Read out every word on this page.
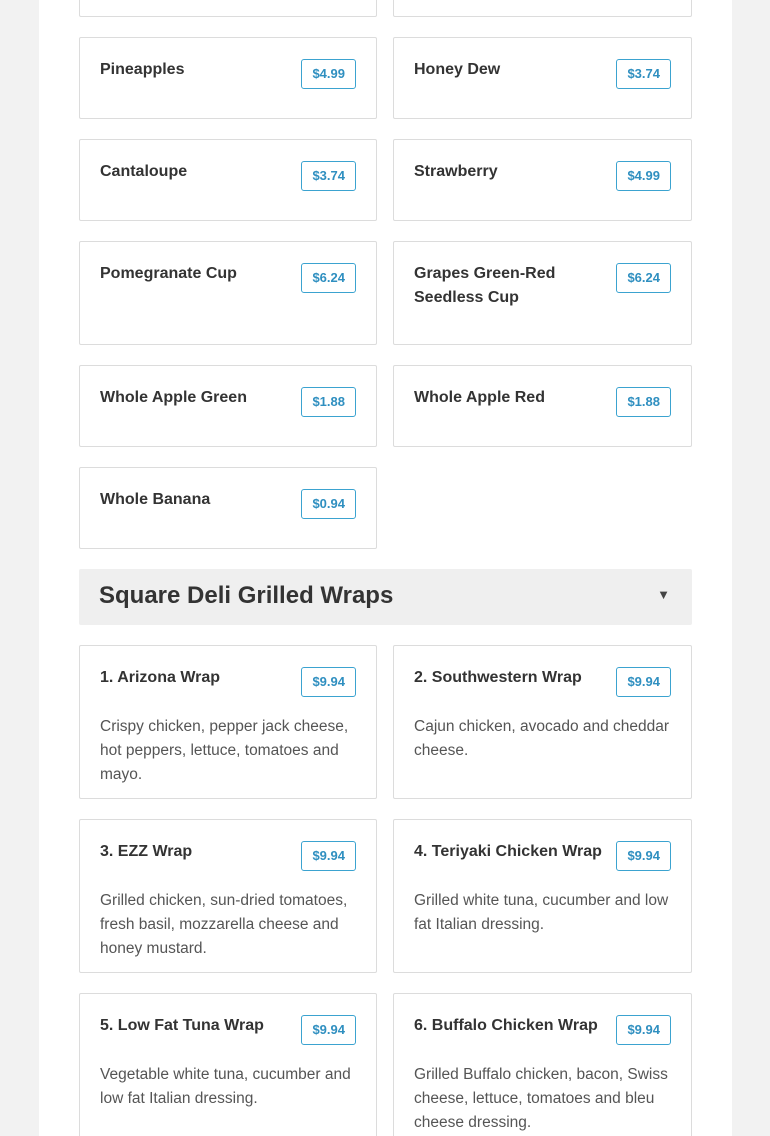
Pineapples	$4.99	Honey Dew	$3.74
Cantaloupe	$3.74	Strawberry	$4.99
Pomegranate Cup	$6.24	Grapes Green-Red Seedless Cup
$6.24
Whole Apple Green	$1.88	Whole Apple Red	$1.88
Whole Banana	$0.94
Square Deli Grilled Wraps	▼
1. Arizona Wrap	$9.94
Crispy chicken, pepper jack cheese, hot peppers, lettuce, tomatoes and mayo.
2. Southwestern Wrap	$9.94
Cajun chicken, avocado and cheddar cheese.
3. EZZ Wrap	$9.94
Grilled chicken, sun-dried tomatoes, fresh basil, mozzarella cheese and honey mustard.
4. Teriyaki Chicken Wrap	$9.94
Grilled white tuna, cucumber and low fat Italian dressing.
5. Low Fat Tuna Wrap	$9.94
Vegetable white tuna, cucumber and low fat Italian dressing.
6. Buffalo Chicken Wrap	$9.94
Grilled Buffalo chicken, bacon, Swiss cheese, lettuce, tomatoes and bleu cheese dressing.
